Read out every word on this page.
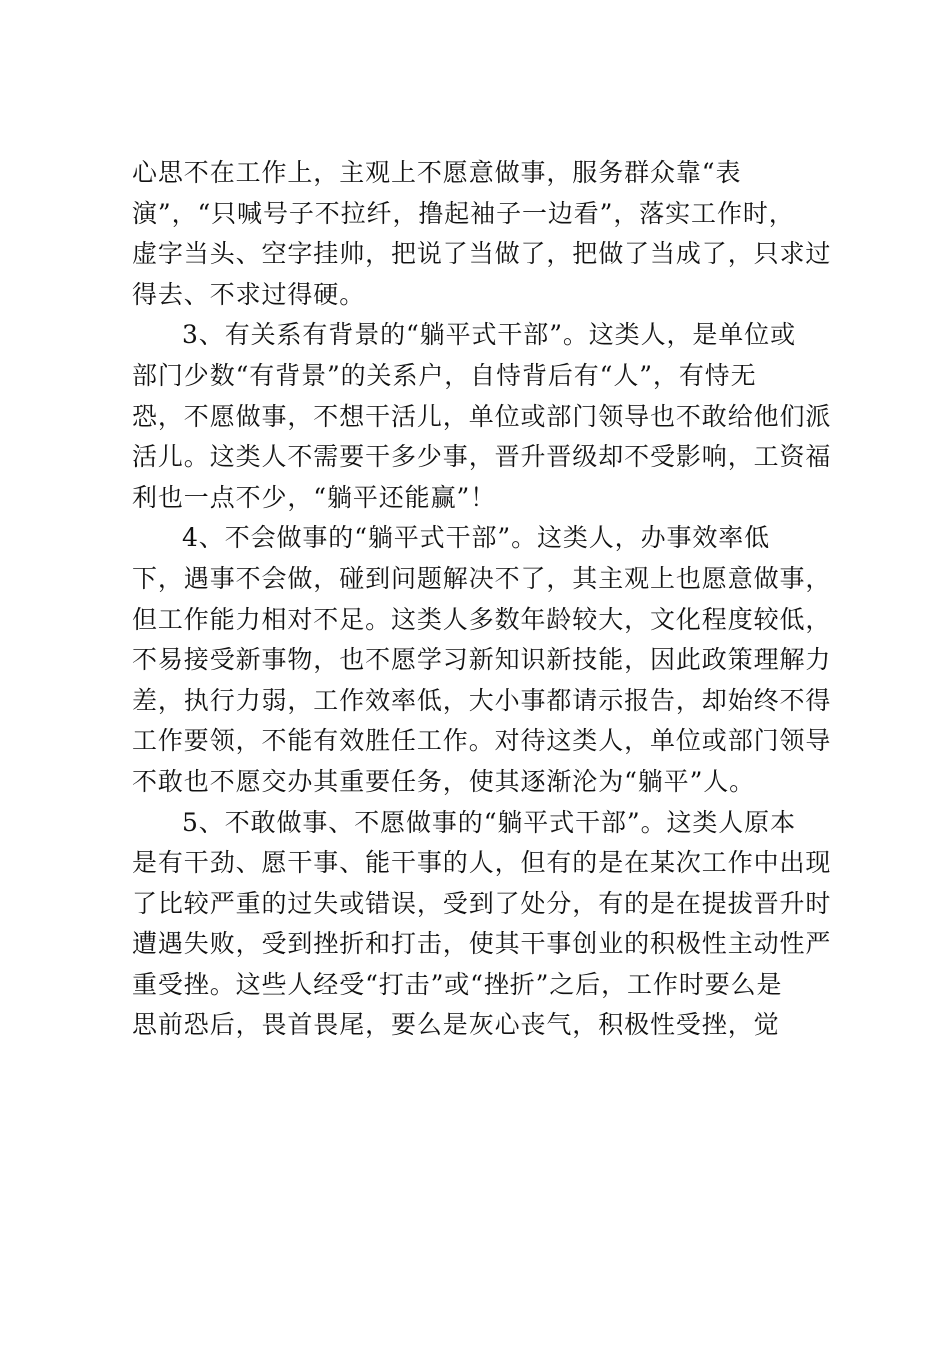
心思不在工作上，主观上不愿意做事，服务群众靠“表
演”，“只喊号子不拉纤，撸起袖子一边看”，落实工作时，
虚字当头、空字挂帅，把说了当做了，把做了当成了，只求过
得去、不求过得硬。
3、有关系有背景的“躺平式干部”。这类人，是单位或
部门少数“有背景”的关系户，自恃背后有“人”，有恃无
恐，不愿做事，不想干活儿，单位或部门领导也不敢给他们派
活儿。这类人不需要干多少事，晋升晋级却不受影响，工资福
利也一点不少，“躺平还能赢”！
4、不会做事的“躺平式干部”。这类人，办事效率低
下，遇事不会做，碰到问题解决不了，其主观上也愿意做事，
但工作能力相对不足。这类人多数年龄较大，文化程度较低，
不易接受新事物，也不愿学习新知识新技能，因此政策理解力
差，执行力弱，工作效率低，大小事都请示报告，却始终不得
工作要领，不能有效胜任工作。对待这类人，单位或部门领导
不敢也不愿交办其重要任务，使其逐渐沦为“躺平”人。
5、不敢做事、不愿做事的“躺平式干部”。这类人原本
是有干劲、愿干事、能干事的人，但有的是在某次工作中出现
了比较严重的过失或错误，受到了处分，有的是在提拔晋升时
遭遇失败，受到挫折和打击，使其干事创业的积极性主动性严
重受挫。这些人经受“打击”或“挫折”之后，工作时要么是
思前恐后，畏首畏尾，要么是灰心丧气，积极性受挫，觉
